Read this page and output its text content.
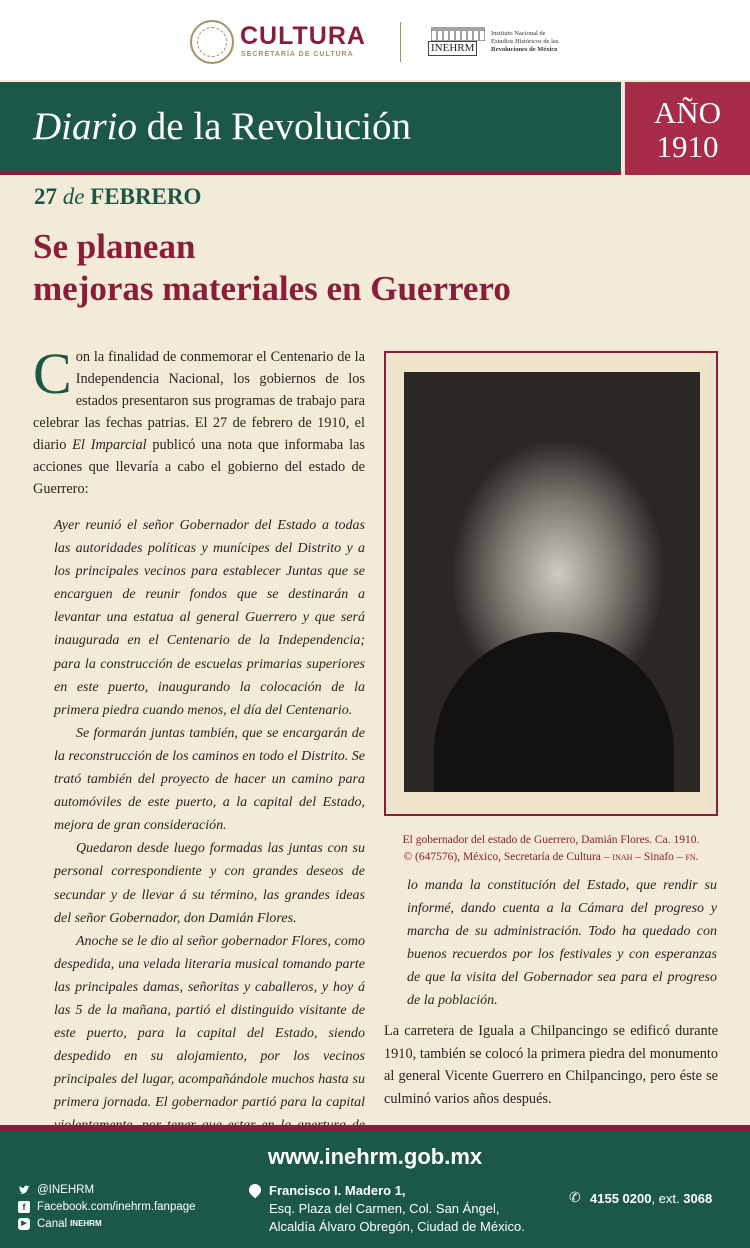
CULTURA
SECRETARÍA DE CULTURA
INEHRM
Instituto Nacional de
Estudios Históricos de las
Revoluciones de México
Diario de la Revolución	AÑO
1910
27 de FEBRERO
Se planean
mejoras materiales en Guerrero
Con la finalidad de conmemorar el Centenario de la Independencia Nacional, los gobiernos de los estados presentaron sus programas de trabajo para celebrar las fechas patrias. El 27 de febrero de 1910, el diario El Imparcial publicó una nota que informaba las acciones que llevaría a cabo el gobierno del estado de Guerrero:

Ayer reunió el señor Gobernador del Estado a todas las autoridades políticas y munícipes del Distrito y a los principales vecinos para establecer Juntas que se encarguen de reunir fondos que se destinarán a levantar una estatua al general Guerrero y que será inaugurada en el Centenario de la Independencia; para la construcción de escuelas primarias superiores en este puerto, inaugurando la colocación de la primera piedra cuando menos, el día del Centenario.

Se formarán juntas también, que se encargarán de la reconstrucción de los caminos en todo el Distrito. Se trató también del proyecto de hacer un camino para automóviles de este puerto, a la capital del Estado, mejora de gran consideración.

Quedaron desde luego formadas las juntas con su personal correspondiente y con grandes deseos de secundar y de llevar á su término, las grandes ideas del señor Gobernador, don Damián Flores.

Anoche se le dio al señor gobernador Flores, como despedida, una velada literaria musical tomando parte las principales damas, señoritas y caballeros, y hoy á las 5 de la mañana, partió el distinguido visitante de este puerto, para la capital del Estado, siendo despedido en su alojamiento, por los vecinos principales del lugar, acompañándole muchos hasta su primera jornada. El gobernador partió para la capital

El gobernador del estado de Guerrero, Damián Flores. Ca. 1910.
© (647576), México, Secretaría de Cultura – INAH – Sinafo – FN.
lo manda la constitución del Estado, que rendir su informé, dando cuenta a la Cámara del progreso y marcha de su administración. Todo ha quedado con buenos recuerdos por los festivales y con esperanzas de que la visita del Gobernador sea para el progreso de la población.
La carretera de Iguala a Chilpancingo se edificó durante 1910, también se colocó la primera piedra del monumento al general Vicente Guerrero en Chilpancingo, pero éste se culminó varios años después.
www.inehrm.gob.mx
@INEHRM
f	Facebook.com/inehrm.fanpage
▶ Canal INEHRM
Francisco I. Madero 1,
Esq. Plaza del Carmen, Col. San Ángel,
Alcaldía Álvaro Obregón, Ciudad de México.
✆ 4155 0200, ext. 3068
